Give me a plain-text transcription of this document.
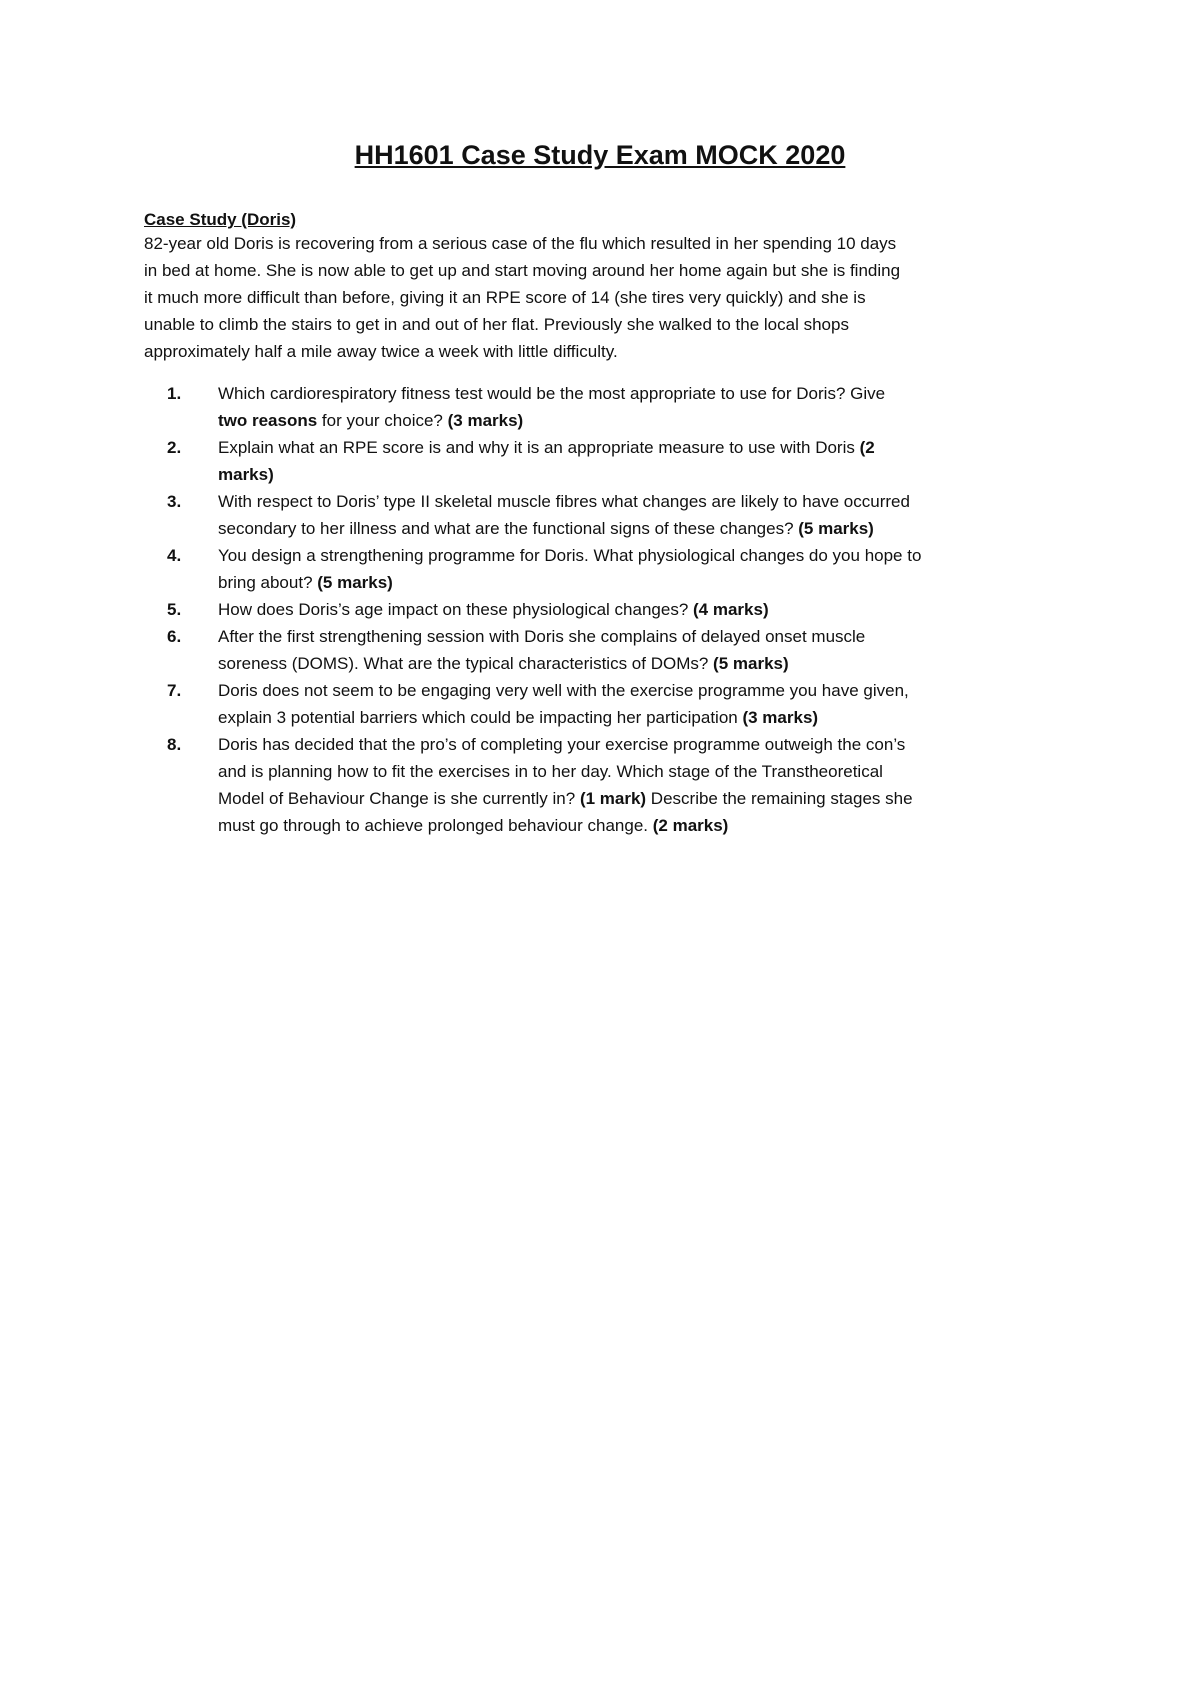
HH1601 Case Study Exam MOCK 2020
Case Study (Doris)
82-year old Doris is recovering from a serious case of the flu which resulted in her spending 10 days
in bed at home. She is now able to get up and start moving around her home again but she is finding
it much more difficult than before, giving it an RPE score of 14 (she tires very quickly) and she is
unable to climb the stairs to get in and out of her flat. Previously she walked to the local shops
approximately half a mile away twice a week with little difficulty.
1. Which cardiorespiratory fitness test would be the most appropriate to use for Doris? Give
two reasons for your choice? (3 marks)
2. Explain what an RPE score is and why it is an appropriate measure to use with Doris (2
marks)
3. With respect to Doris’ type II skeletal muscle fibres what changes are likely to have occurred
secondary to her illness and what are the functional signs of these changes? (5 marks)
4. You design a strengthening programme for Doris. What physiological changes do you hope to
bring about? (5 marks)
5. How does Doris’s age impact on these physiological changes? (4 marks)
6. After the first strengthening session with Doris she complains of delayed onset muscle
soreness (DOMS). What are the typical characteristics of DOMs? (5 marks)
7. Doris does not seem to be engaging very well with the exercise programme you have given,
explain 3 potential barriers which could be impacting her participation (3 marks)
8. Doris has decided that the pro’s of completing your exercise programme outweigh the con’s
and is planning how to fit the exercises in to her day. Which stage of the Transtheoretical
Model of Behaviour Change is she currently in? (1 mark) Describe the remaining stages she
must go through to achieve prolonged behaviour change. (2 marks)
